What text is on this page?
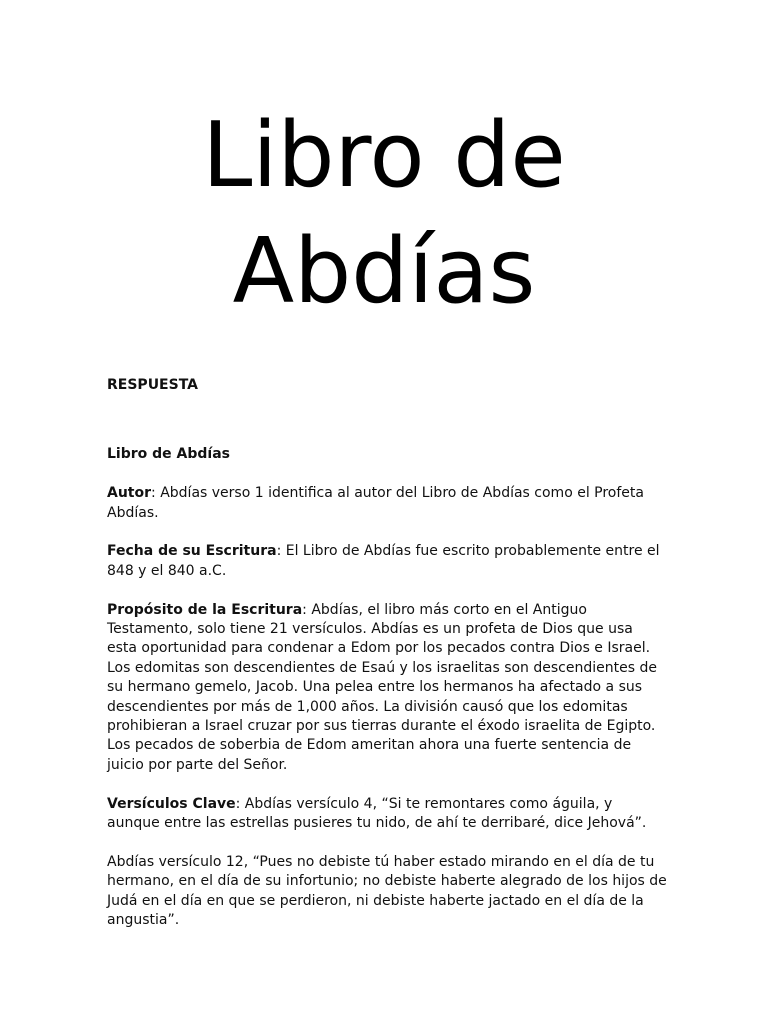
Libro de
Abdías

RESPUESTA

Libro de Abdías

Autor: Abdías verso 1 identifica al autor del Libro de Abdías como el Profeta Abdías.

Fecha de su Escritura: El Libro de Abdías fue escrito probablemente entre el 848 y el 840 a.C.

Propósito de la Escritura: Abdías, el libro más corto en el Antiguo Testamento, solo tiene 21 versículos. Abdías es un profeta de Dios que usa esta oportunidad para condenar a Edom por los pecados contra Dios e Israel. Los edomitas son descendientes de Esaú y los israelitas son descendientes de su hermano gemelo, Jacob. Una pelea entre los hermanos ha afectado a sus descendientes por más de 1,000 años. La división causó que los edomitas prohibieran a Israel cruzar por sus tierras durante el éxodo israelita de Egipto. Los pecados de soberbia de Edom ameritan ahora una fuerte sentencia de juicio por parte del Señor.

Versículos Clave: Abdías versículo 4, “Si te remontares como águila, y aunque entre las estrellas pusieres tu nido, de ahí te derribaré, dice Jehová”.

Abdías versículo 12, “Pues no debiste tú haber estado mirando en el día de tu hermano, en el día de su infortunio; no debiste haberte alegrado de los hijos de Judá en el día en que se perdieron, ni debiste haberte jactado en el día de la angustia”.
